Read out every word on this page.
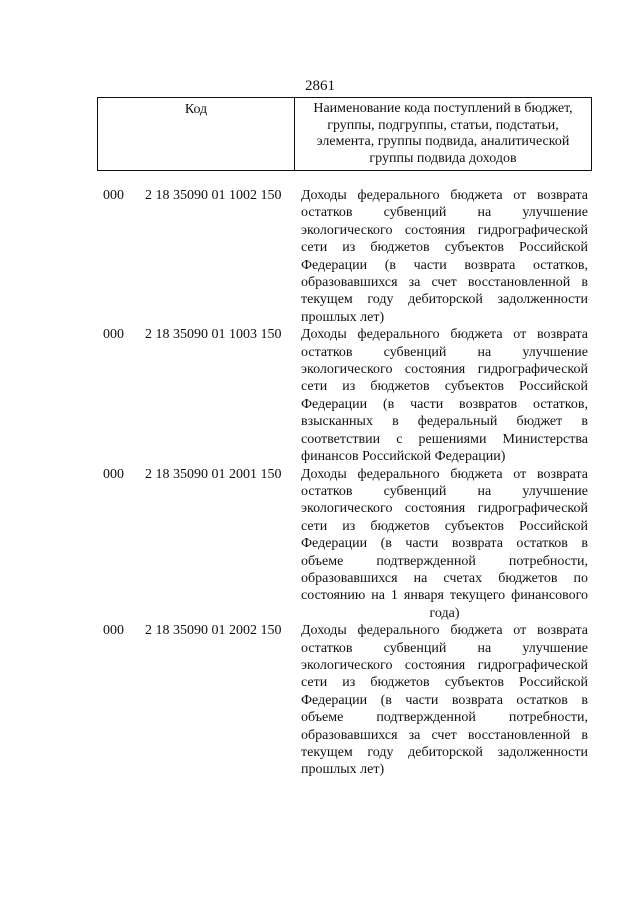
2861
Код	Наименование кода поступлений в бюджет,
группы, подгруппы, статьи, подстатьи,
элемента, группы подвида, аналитической
группы подвида доходов
000 2 18 35090 01 1002 150 Доходы федерального бюджета от возврата
остатков субвенций на улучшение
экологического состояния гидрографической
сети из бюджетов субъектов Российской
Федерации (в части возврата остатков,
образовавшихся за счет восстановленной в
текущем году дебиторской задолженности
прошлых лет)
000 2 18 35090 01 1003 150 Доходы федерального бюджета от возврата
остатков субвенций на улучшение
экологического состояния гидрографической
сети из бюджетов субъектов Российской
Федерации (в части возвратов остатков,
взысканных в федеральный бюджет в
соответствии с решениями Министерства
финансов Российской Федерации)
000 2 18 35090 01 2001 150 Доходы федерального бюджета от возврата
остатков субвенций на улучшение
экологического состояния гидрографической
сети из бюджетов субъектов Российской
Федерации (в части возврата остатков в
объеме подтвержденной потребности,
образовавшихся на счетах бюджетов по
состоянию на 1 января текущего финансового
года)
000 2 18 35090 01 2002 150 Доходы федерального бюджета от возврата
остатков субвенций на улучшение
экологического состояния гидрографической
сети из бюджетов субъектов Российской
Федерации (в части возврата остатков в
объеме подтвержденной потребности,
образовавшихся за счет восстановленной в
текущем году дебиторской задолженности
прошлых лет)
